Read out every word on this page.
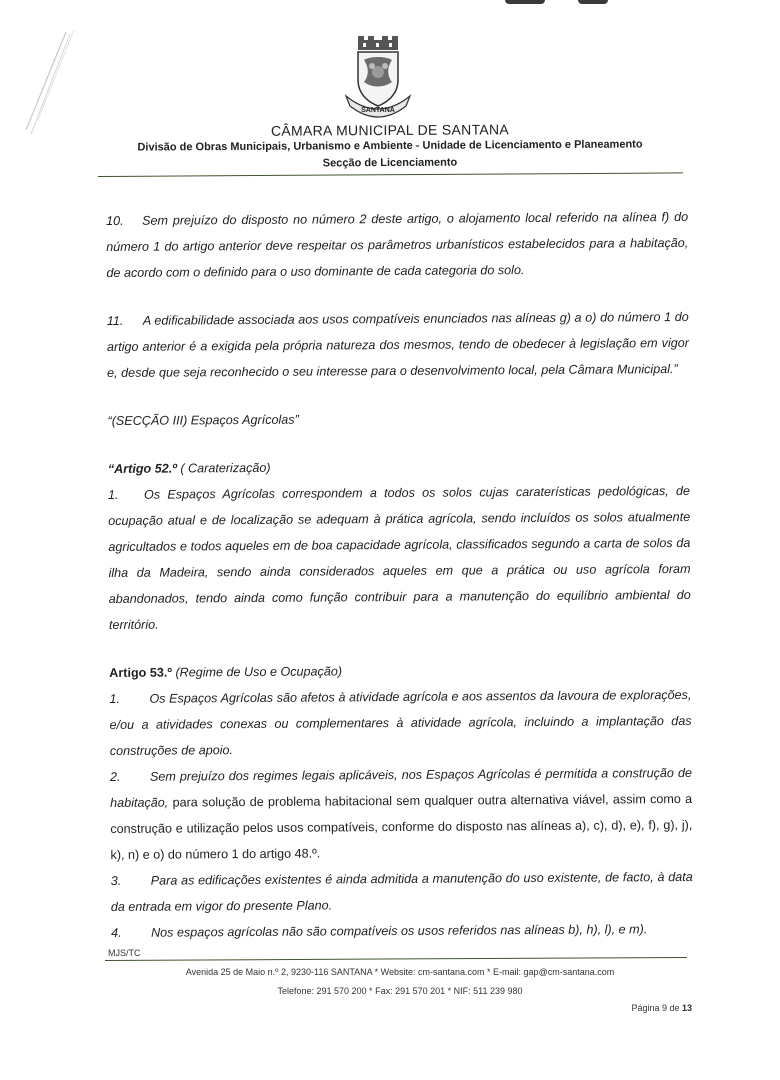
SANTANA
CÂMARA MUNICIPAL DE SANTANA
Divisão de Obras Municipais, Urbanismo e Ambiente - Unidade de Licenciamento e Planeamento
Secção de Licenciamento

10. Sem prejuízo do disposto no número 2 deste artigo, o alojamento local referido na alínea f) do número 1 do artigo anterior deve respeitar os parâmetros urbanísticos estabelecidos para a habitação, de acordo com o definido para o uso dominante de cada categoria do solo.

11. A edificabilidade associada aos usos compatíveis enunciados nas alíneas g) a o) do número 1 do artigo anterior é a exigida pela própria natureza dos mesmos, tendo de obedecer à legislação em vigor e, desde que seja reconhecido o seu interesse para o desenvolvimento local, pela Câmara Municipal.”

“(SECÇÃO III) Espaços Agrícolas”

“Artigo 52.º ( Caraterização)

1. Os Espaços Agrícolas correspondem a todos os solos cujas caraterísticas pedológicas, de ocupação atual e de localização se adequam à prática agrícola, sendo incluídos os solos atualmente agricultados e todos aqueles em de boa capacidade agrícola, classificados segundo a carta de solos da ilha da Madeira, sendo ainda considerados aqueles em que a prática ou uso agrícola foram abandonados, tendo ainda como função contribuir para a manutenção do equilíbrio ambiental do território.

Artigo 53.º (Regime de Uso e Ocupação)

1. Os Espaços Agrícolas são afetos à atividade agrícola e aos assentos da lavoura de explorações, e/ou a atividades conexas ou complementares à atividade agrícola, incluindo a implantação das construções de apoio.

2. Sem prejuízo dos regimes legais aplicáveis, nos Espaços Agrícolas é permitida a construção de habitação, para solução de problema habitacional sem qualquer outra alternativa viável, assim como a construção e utilização pelos usos compatíveis, conforme do disposto nas alíneas a), c), d), e), f), g), j), k), n) e o) do número 1 do artigo 48.º.

3. Para as edificações existentes é ainda admitida a manutenção do uso existente, de facto, à data da entrada em vigor do presente Plano.

4. Nos espaços agrícolas não são compatíveis os usos referidos nas alíneas b), h), l), e m).

MJS/TC
Avenida 25 de Maio n.º 2, 9230-116 SANTANA * Website: cm-santana.com * E-mail: gap@cm-santana.com
Telefone: 291 570 200 * Fax: 291 570 201 * NIF: 511 239 980
Página 9 de 13
